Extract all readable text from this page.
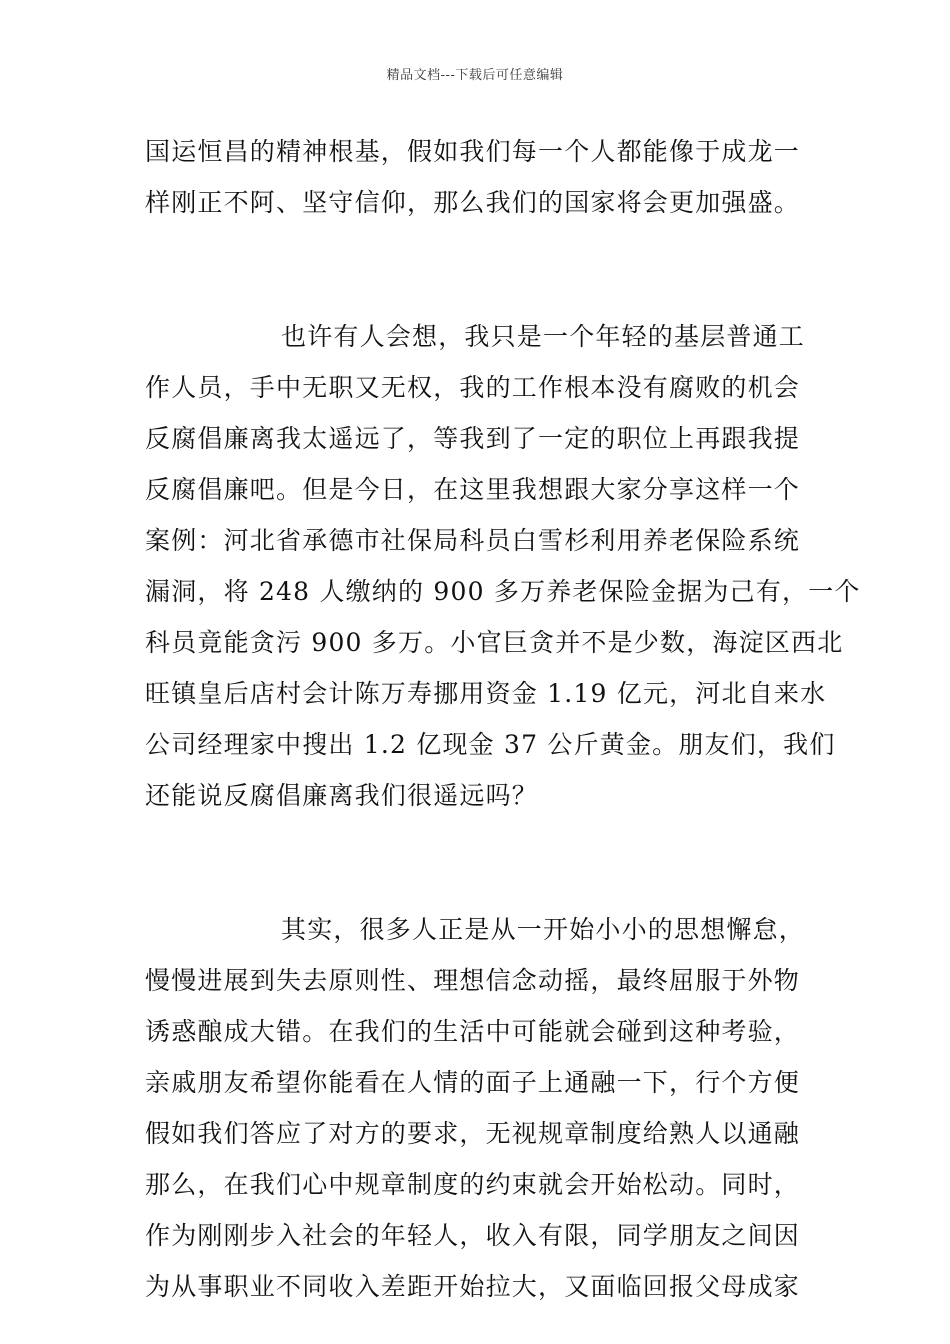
精品文档---下载后可任意编辑
国运恒昌的精神根基，假如我们每一个人都能像于成龙一
样刚正不阿、坚守信仰，那么我们的国家将会更加强盛。
也许有人会想，我只是一个年轻的基层普通工
作人员，手中无职又无权，我的工作根本没有腐败的机会
反腐倡廉离我太遥远了，等我到了一定的职位上再跟我提
反腐倡廉吧。但是今日，在这里我想跟大家分享这样一个
案例：河北省承德市社保局科员白雪杉利用养老保险系统
漏洞，将 248 人缴纳的 900 多万养老保险金据为己有，一个
科员竟能贪污 900 多万。小官巨贪并不是少数，海淀区西北
旺镇皇后店村会计陈万寿挪用资金 1.19 亿元，河北自来水
公司经理家中搜出 1.2 亿现金 37 公斤黄金。朋友们，我们
还能说反腐倡廉离我们很遥远吗？
其实，很多人正是从一开始小小的思想懈怠，
慢慢进展到失去原则性、理想信念动摇，最终屈服于外物
诱惑酿成大错。在我们的生活中可能就会碰到这种考验，
亲戚朋友希望你能看在人情的面子上通融一下，行个方便
假如我们答应了对方的要求，无视规章制度给熟人以通融
那么，在我们心中规章制度的约束就会开始松动。同时，
作为刚刚步入社会的年轻人，收入有限，同学朋友之间因
为从事职业不同收入差距开始拉大，又面临回报父母成家
